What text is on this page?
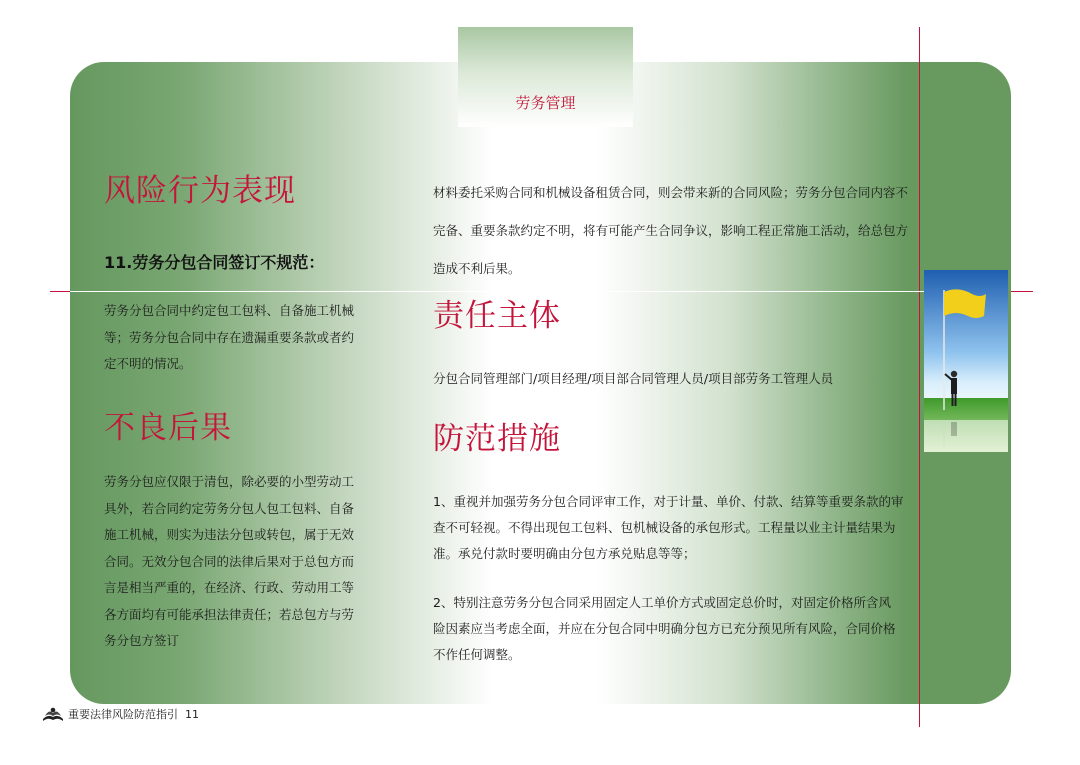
劳务管理
风险行为表现
11.劳务分包合同签订不规范：

劳务分包合同中约定包工包料、自备施工机械等；劳务分包合同中存在遗漏重要条款或者约定不明的情况。

不良后果

劳务分包应仅限于清包，除必要的小型劳动工具外，若合同约定劳务分包人包工包料、自备施工机械，则实为违法分包或转包，属于无效合同。无效分包合同的法律后果对于总包方而言是相当严重的，在经济、行政、劳动用工等各方面均有可能承担法律责任；若总包方与劳务分包方签订

材料委托采购合同和机械设备租赁合同，则会带来新的合同风险；劳务分包合同内容不完备、重要条款约定不明，将有可能产生合同争议，影响工程正常施工活动，给总包方造成不利后果。

责任主体

分包合同管理部门/项目经理/项目部合同管理人员/项目部劳务工管理人员

防范措施

1、重视并加强劳务分包合同评审工作，对于计量、单价、付款、结算等重要条款的审查不可轻视。不得出现包工包料、包机械设备的承包形式。工程量以业主计量结果为准。承兑付款时要明确由分包方承兑贴息等等；

2、特别注意劳务分包合同采用固定人工单价方式或固定总价时，对固定价格所含风险因素应当考虑全面，并应在分包合同中明确分包方已充分预见所有风险，合同价格不作任何调整。

重要法律风险防范指引 11
